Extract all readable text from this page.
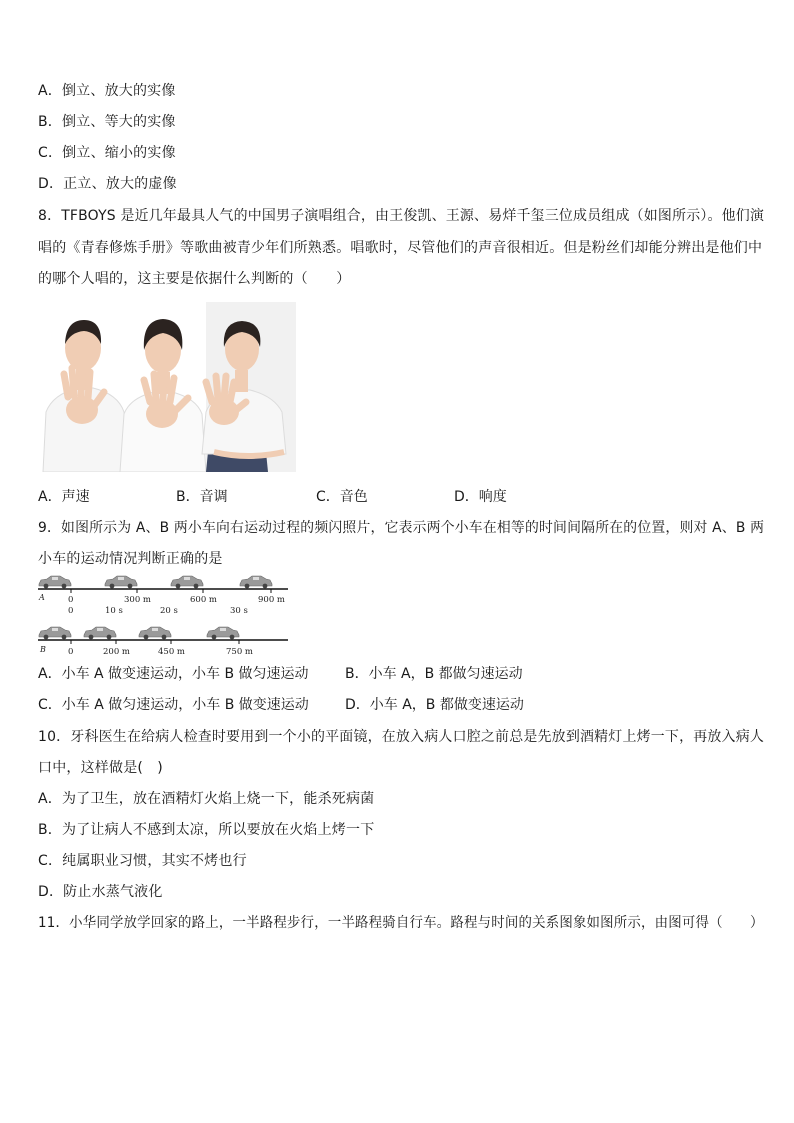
A．倒立、放大的实像
B．倒立、等大的实像
C．倒立、缩小的实像
D．正立、放大的虚像
8．TFBOYS 是近几年最具人气的中国男子演唱组合，由王俊凯、王源、易烊千玺三位成员组成（如图所示）。他们演
唱的《青春修炼手册》等歌曲被青少年们所熟悉。唱歌时，尽管他们的声音很相近。但是粉丝们却能分辨出是他们中
的哪个人唱的，这主要是依据什么判断的（　　）
A．声速	B．音调	C．音色	D．响度
9．如图所示为 A、B 两小车向右运动过程的频闪照片，它表示两个小车在相等的时间间隔所在的位置，则对 A、B 两
小车的运动情况判断正确的是
A	0	300 m	600 m	900 m
0	10 s	20 s	30 s
B	0	200 m	450 m	750 m
A．小车 A 做变速运动，小车 B 做匀速运动	B．小车 A，B 都做匀速运动
C．小车 A 做匀速运动，小车 B 做变速运动	D．小车 A，B 都做变速运动
10．牙科医生在给病人检查时要用到一个小的平面镜，在放入病人口腔之前总是先放到酒精灯上烤一下，再放入病人
口中，这样做是(　)
A．为了卫生，放在酒精灯火焰上烧一下，能杀死病菌
B．为了让病人不感到太凉，所以要放在火焰上烤一下
C．纯属职业习惯，其实不烤也行
D．防止水蒸气液化
11．小华同学放学回家的路上，一半路程步行，一半路程骑自行车。路程与时间的关系图象如图所示，由图可得（　　）
